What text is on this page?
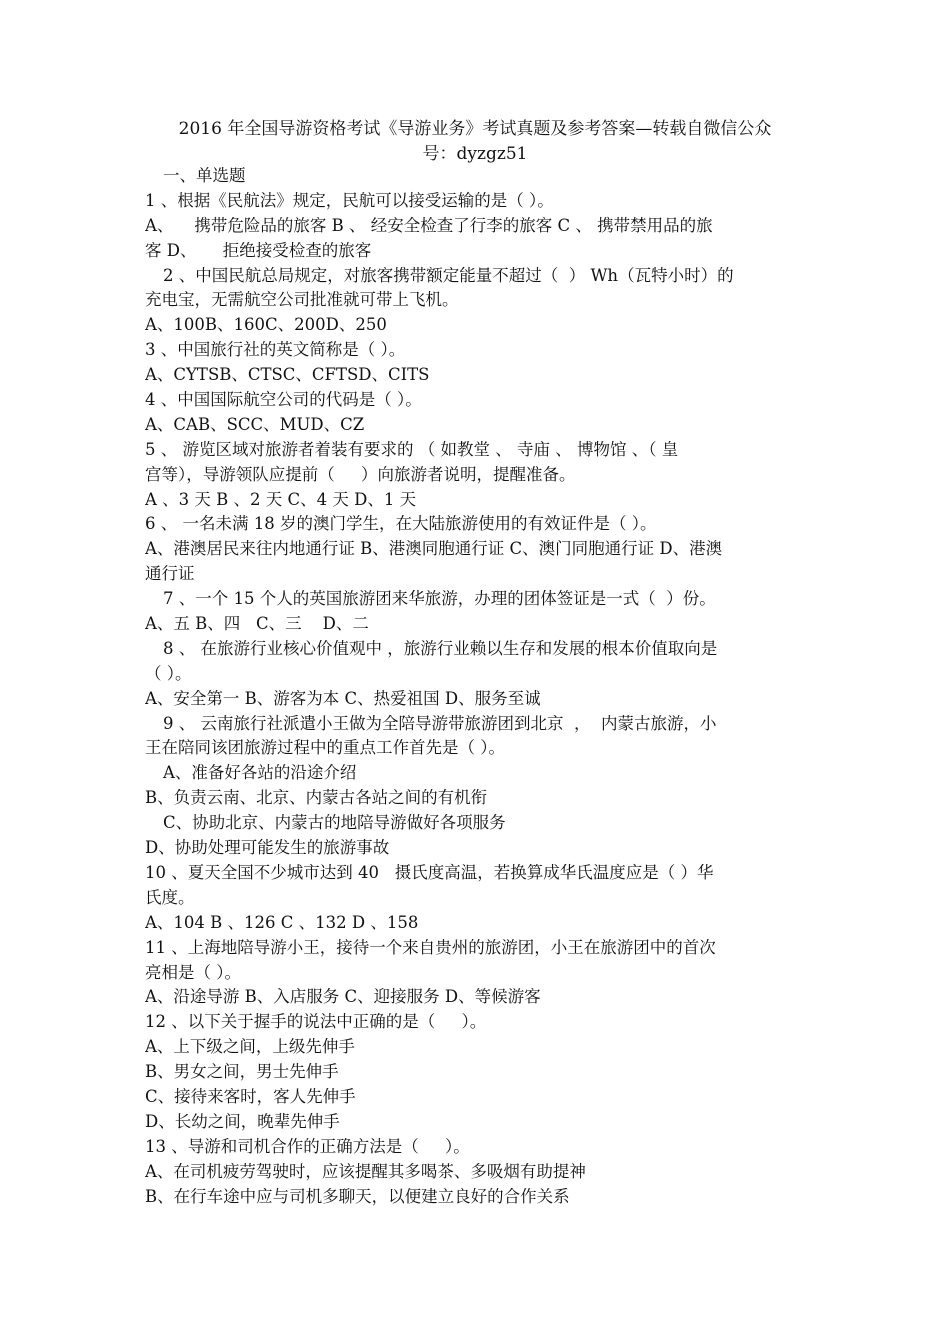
2016 年全国导游资格考试《导游业务》考试真题及参考答案—转载自微信公众
号：dyzgz51
一、单选题
1 、根据《民航法》规定，民航可以接受运输的是（ ）。
A、    携带危险品的旅客 B 、 经安全检查了行李的旅客 C 、 携带禁用品的旅
客 D、     拒绝接受检查的旅客
2 、中国民航总局规定，对旅客携带额定能量不超过（  ） Wh（瓦特小时）的
充电宝，无需航空公司批准就可带上飞机。
A、100B、160C、200D、250
3 、中国旅行社的英文简称是（ ）。
A、CYTSB、CTSC、CFTSD、CITS
4 、中国国际航空公司的代码是（ ）。
A、CAB、SCC、MUD、CZ
5 、 游览区域对旅游者着装有要求的 （ 如教堂 、 寺庙 、 博物馆 、（ 皇
宫等），导游领队应提前（     ）向旅游者说明，提醒准备。
A 、3 天 B 、2 天 C、4 天 D、1 天
6 、 一名未满 18 岁的澳门学生，在大陆旅游使用的有效证件是（ ）。
A、港澳居民来往内地通行证 B、港澳同胞通行证 C、澳门同胞通行证 D、港澳
通行证
7 、一个 15 个人的英国旅游团来华旅游，办理的团体签证是一式（  ）份。
A、五 B、四   C、三    D、二
8 、 在旅游行业核心价值观中 ，旅游行业赖以生存和发展的根本价值取向是
（ ）。
A、安全第一 B、游客为本 C、热爱祖国 D、服务至诚
9 、 云南旅行社派遣小王做为全陪导游带旅游团到北京  ，  内蒙古旅游，小
王在陪同该团旅游过程中的重点工作首先是（ ）。
A、准备好各站的沿途介绍
B、负责云南、北京、内蒙古各站之间的有机衔
C、协助北京、内蒙古的地陪导游做好各项服务
D、协助处理可能发生的旅游事故
10 、夏天全国不少城市达到 40   摄氏度高温，若换算成华氏温度应是（ ）华
氏度。
A、104 B 、126 C 、132 D 、158
11 、上海地陪导游小王，接待一个来自贵州的旅游团，小王在旅游团中的首次
亮相是（ ）。
A、沿途导游 B、入店服务 C、迎接服务 D、等候游客
12 、以下关于握手的说法中正确的是（     ）。
A、上下级之间，上级先伸手
B、男女之间，男士先伸手
C、接待来客时，客人先伸手
D、长幼之间，晚辈先伸手
13 、导游和司机合作的正确方法是（     ）。
A、在司机疲劳驾驶时，应该提醒其多喝茶、多吸烟有助提神
B、在行车途中应与司机多聊天，以便建立良好的合作关系
